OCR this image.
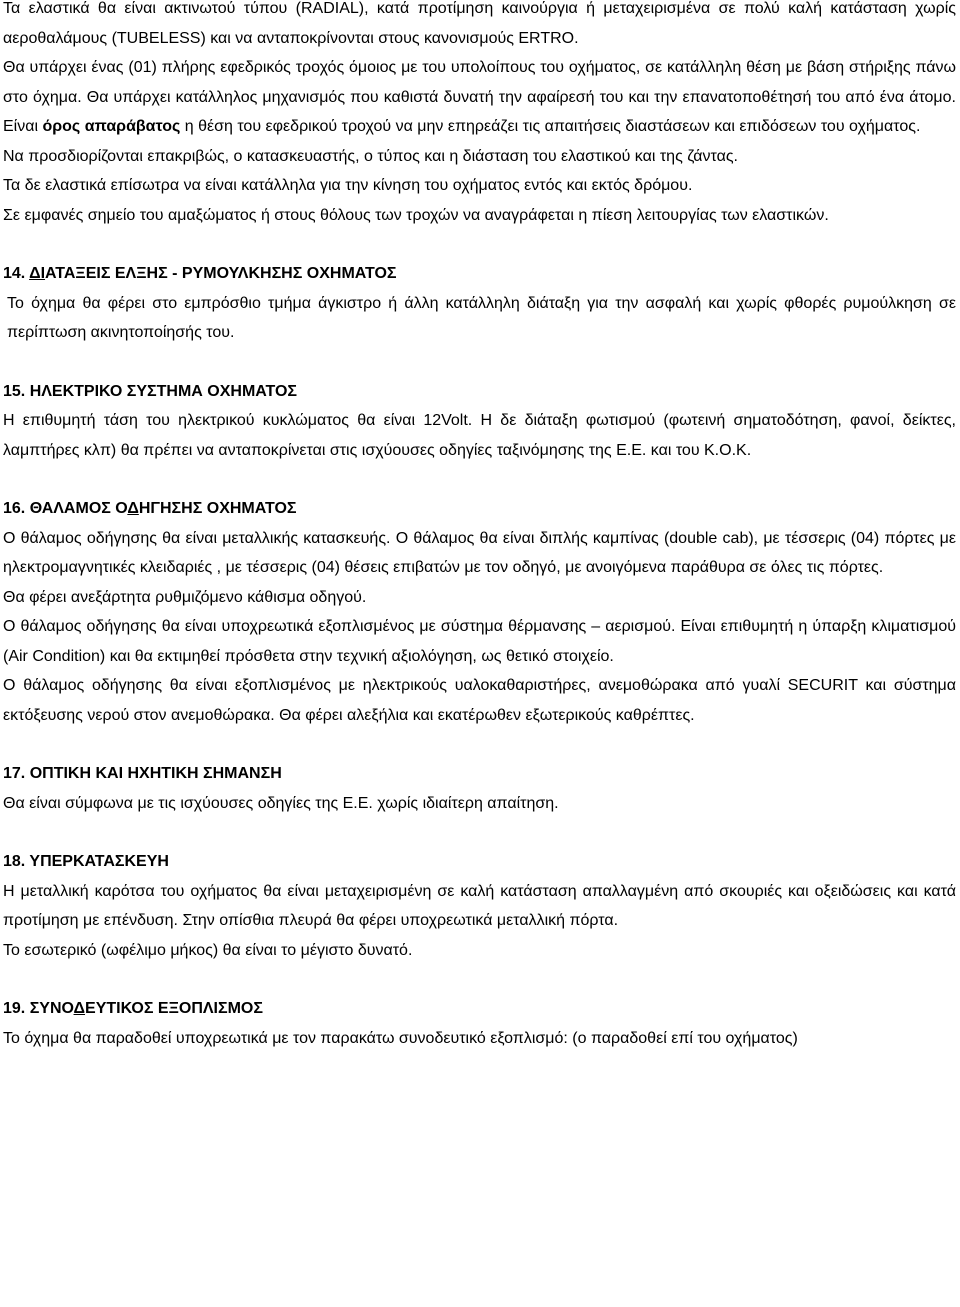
Τα ελαστικά θα είναι ακτινωτού τύπου (RADIAL), κατά προτίμηση καινούργια ή μεταχειρισμένα σε πολύ καλή κατάσταση χωρίς αεροθαλάμους (TUBELESS) και να ανταποκρίνονται στους κανονισμούς ERTRO.

Θα υπάρχει ένας (01) πλήρης εφεδρικός τροχός όμοιος με του υπολοίπους του οχήματος, σε κατάλληλη θέση με βάση στήριξης πάνω στο όχημα. Θα υπάρχει κατάλληλος μηχανισμός που καθιστά δυνατή την αφαίρεσή του και την επανατοποθέτησή του από ένα άτομο. Είναι όρος απαράβατος η θέση του εφεδρικού τροχού να μην επηρεάζει τις απαιτήσεις διαστάσεων και επιδόσεων του οχήματος.

Να προσδιορίζονται επακριβώς, ο κατασκευαστής, ο τύπος και η διάσταση του ελαστικού και της ζάντας.

Τα δε ελαστικά επίσωτρα να είναι κατάλληλα για την κίνηση του οχήματος εντός και εκτός δρόμου.

Σε εμφανές σημείο του αμαξώματος ή στους θόλους των τροχών να αναγράφεται η πίεση λειτουργίας των ελαστικών.

14. ΔΙΑΤΑΞΕΙΣ ΕΛΞΗΣ - ΡΥΜΟΥΛΚΗΣΗΣ ΟΧΗΜΑΤΟΣ

Το όχημα θα φέρει στο εμπρόσθιο τμήμα άγκιστρο ή άλλη κατάλληλη διάταξη για την ασφαλή και χωρίς φθορές ρυμούλκηση σε περίπτωση ακινητοποίησής του.

15. ΗΛΕΚΤΡΙΚΟ ΣΥΣΤΗΜΑ ΟΧΗΜΑΤΟΣ

Η επιθυμητή τάση του ηλεκτρικού κυκλώματος θα είναι 12Volt. Η δε διάταξη φωτισμού (φωτεινή σηματοδότηση, φανοί, δείκτες, λαμπτήρες κλπ) θα πρέπει να ανταποκρίνεται στις ισχύουσες οδηγίες ταξινόμησης της Ε.Ε. και του Κ.Ο.Κ.

16. ΘΑΛΑΜΟΣ ΟΔΗΓΗΣΗΣ ΟΧΗΜΑΤΟΣ

Ο θάλαμος οδήγησης θα είναι μεταλλικής κατασκευής. Ο θάλαμος θα είναι διπλής καμπίνας (double cab), με τέσσερις (04) πόρτες με ηλεκτρομαγνητικές κλειδαριές , με τέσσερις (04) θέσεις επιβατών με τον οδηγό, με ανοιγόμενα παράθυρα σε όλες τις πόρτες.

Θα φέρει ανεξάρτητα ρυθμιζόμενο κάθισμα οδηγού.

Ο θάλαμος οδήγησης θα είναι υποχρεωτικά εξοπλισμένος με σύστημα θέρμανσης – αερισμού. Είναι επιθυμητή η ύπαρξη κλιματισμού (Air Condition) και θα εκτιμηθεί πρόσθετα στην τεχνική αξιολόγηση, ως θετικό στοιχείο.

Ο θάλαμος οδήγησης θα είναι εξοπλισμένος με ηλεκτρικούς υαλοκαθαριστήρες, ανεμοθώρακα από γυαλί SECURIT και σύστημα εκτόξευσης νερού στον ανεμοθώρακα. Θα φέρει αλεξήλια και εκατέρωθεν εξωτερικούς καθρέπτες.

17. ΟΠΤΙΚΗ ΚΑΙ ΗΧΗΤΙΚΗ ΣΗΜΑΝΣΗ

Θα είναι σύμφωνα με τις ισχύουσες οδηγίες της Ε.Ε. χωρίς ιδιαίτερη απαίτηση.

18. ΥΠΕΡΚΑΤΑΣΚΕΥΗ

Η μεταλλική καρότσα του οχήματος θα είναι μεταχειρισμένη σε καλή κατάσταση απαλλαγμένη από σκουριές και οξειδώσεις και κατά προτίμηση με επένδυση. Στην οπίσθια πλευρά θα φέρει υποχρεωτικά μεταλλική πόρτα.

Το εσωτερικό (ωφέλιμο μήκος) θα είναι το μέγιστο δυνατό.

19. ΣΥΝΟΔΕΥΤΙΚΟΣ ΕΞΟΠΛΙΣΜΟΣ

Το όχημα θα παραδοθεί υποχρεωτικά με τον παρακάτω συνοδευτικό εξοπλισμό: (ο παραδοθεί επί του οχήματος)
